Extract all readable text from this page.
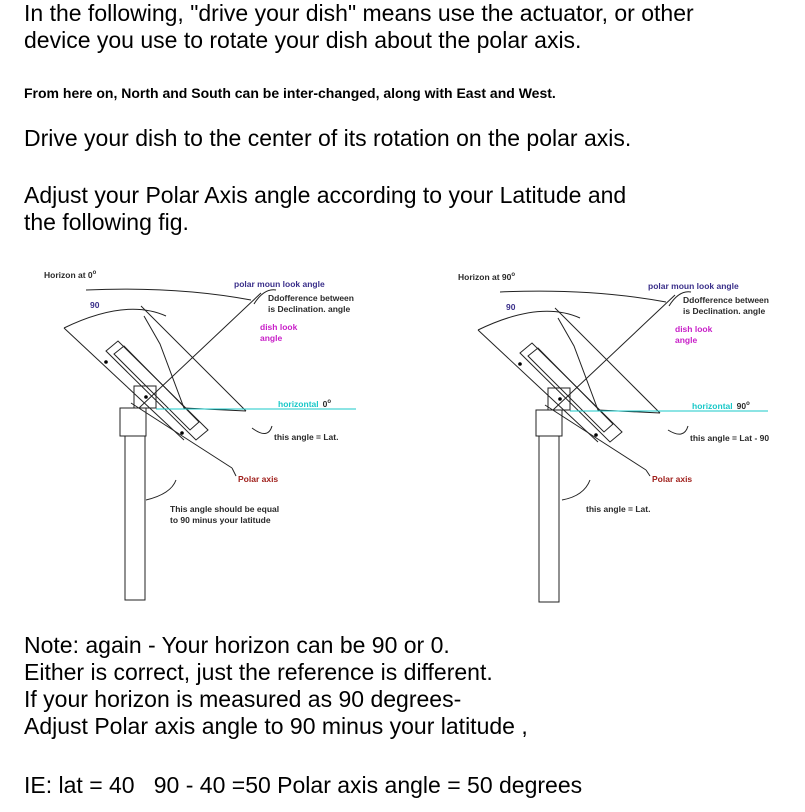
In the following, "drive your dish" means use the actuator, or other
device you use to rotate your dish about the polar axis.

From here on, North and South can be inter-changed, along with East and West.

Drive your dish to the center of its rotation on the polar axis.

Adjust your Polar Axis angle according to your Latitude and
the following fig.

Horizon at 0$^o$
90
polar moun look angle
Ddofference between
is Declination. angle
dish look
angle
horizontal 0$^o$
this angle = Lat.
Polar axis
This angle should be equal
to 90 minus your latitude
Horizon at 90$^o$
90
polar moun look angle
Ddofference between
is Declination. angle
dish look
angle
horizontal 90$^o$
this angle = Lat - 90
Polar axis
this angle = Lat.

Note: again - Your horizon can be 90 or 0.
Either is correct, just the reference is different.
If your horizon is measured as 90 degrees-
Adjust Polar axis angle to 90 minus your latitude ,

IE: lat = 40   90 - 40 =50 Polar axis angle = 50 degrees
